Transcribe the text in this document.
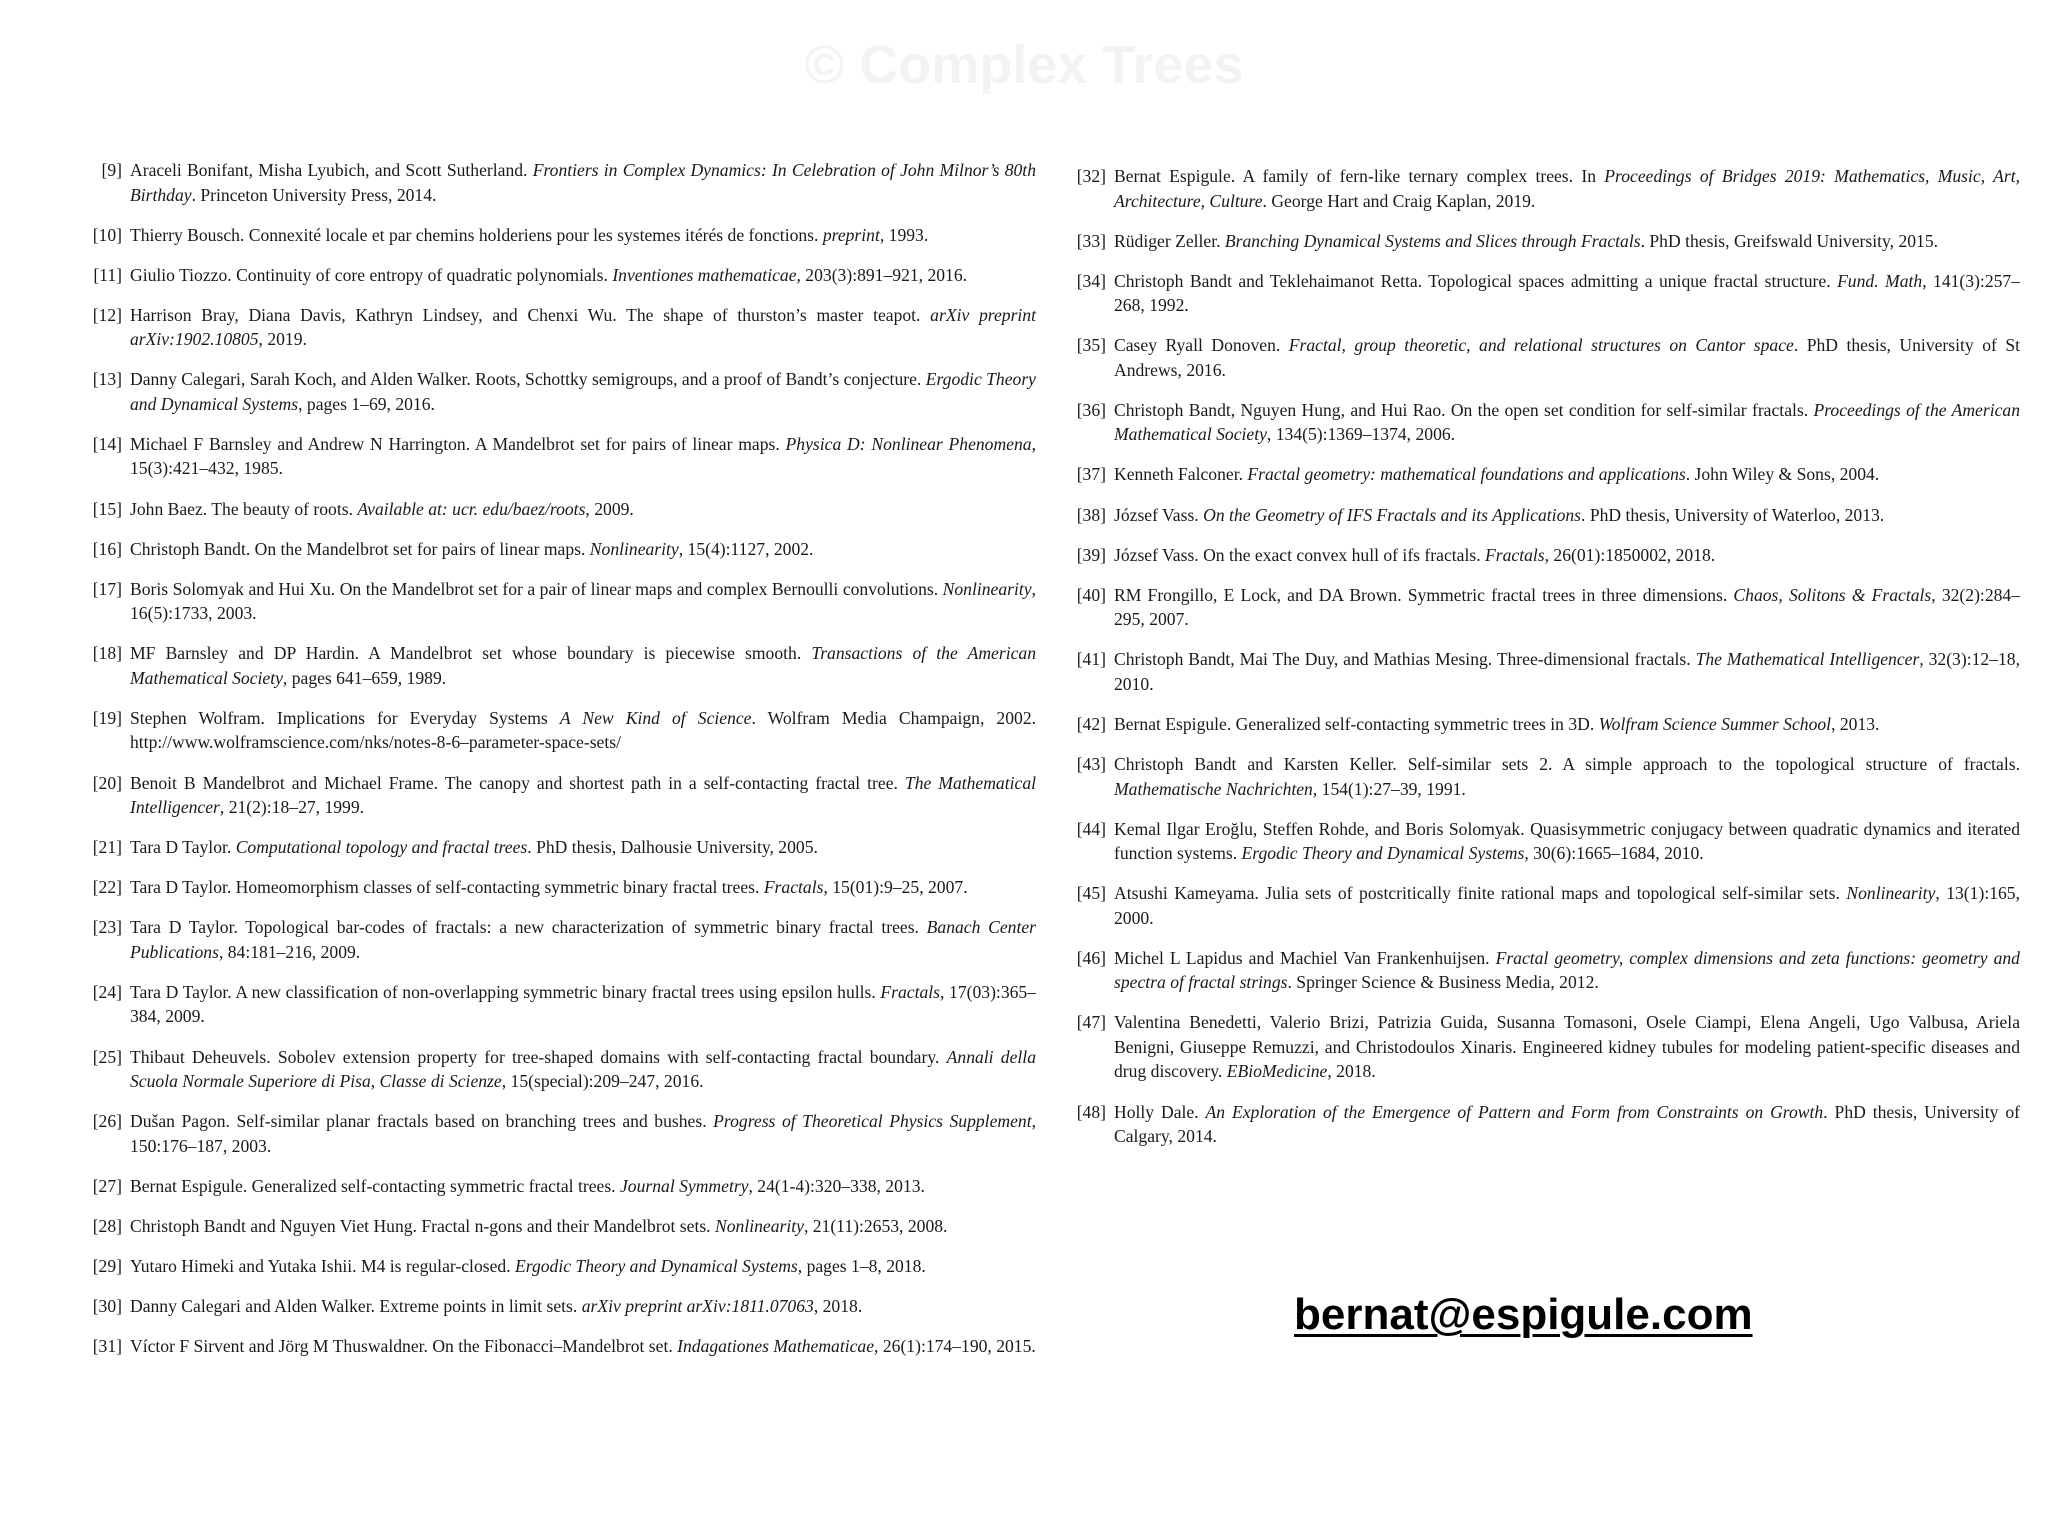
© Complex Trees
[9] Araceli Bonifant, Misha Lyubich, and Scott Sutherland. Frontiers in Complex Dynamics: In Celebration of John Milnor’s 80th Birthday. Princeton University Press, 2014.
[10] Thierry Bousch. Connexité locale et par chemins holderiens pour les systemes itérés de fonctions. preprint, 1993.
[11] Giulio Tiozzo. Continuity of core entropy of quadratic polynomials. Inventiones mathematicae, 203(3):891–921, 2016.
[12] Harrison Bray, Diana Davis, Kathryn Lindsey, and Chenxi Wu. The shape of thurston’s master teapot. arXiv preprint arXiv:1902.10805, 2019.
[13] Danny Calegari, Sarah Koch, and Alden Walker. Roots, Schottky semigroups, and a proof of Bandt’s conjecture. Ergodic Theory and Dynamical Systems, pages 1–69, 2016.
[14] Michael F Barnsley and Andrew N Harrington. A Mandelbrot set for pairs of linear maps. Physica D: Nonlinear Phenomena, 15(3):421–432, 1985.
[15] John Baez. The beauty of roots. Available at: ucr. edu/baez/roots, 2009.
[16] Christoph Bandt. On the Mandelbrot set for pairs of linear maps. Nonlinearity, 15(4):1127, 2002.
[17] Boris Solomyak and Hui Xu. On the Mandelbrot set for a pair of linear maps and complex Bernoulli convolutions. Nonlinearity, 16(5):1733, 2003.
[18] MF Barnsley and DP Hardin. A Mandelbrot set whose boundary is piecewise smooth. Transactions of the American Mathematical Society, pages 641–659, 1989.
[19] Stephen Wolfram. Implications for Everyday Systems A New Kind of Science. Wolfram Media Champaign, 2002. http://www.wolframscience.com/nks/notes-8-6–parameter-space-sets/
[20] Benoit B Mandelbrot and Michael Frame. The canopy and shortest path in a self-contacting fractal tree. The Mathematical Intelligencer, 21(2):18–27, 1999.
[21] Tara D Taylor. Computational topology and fractal trees. PhD thesis, Dalhousie University, 2005.
[22] Tara D Taylor. Homeomorphism classes of self-contacting symmetric binary fractal trees. Fractals, 15(01):9–25, 2007.
[23] Tara D Taylor. Topological bar-codes of fractals: a new characterization of symmetric binary fractal trees. Banach Center Publications, 84:181–216, 2009.
[24] Tara D Taylor. A new classification of non-overlapping symmetric binary fractal trees using epsilon hulls. Fractals, 17(03):365–384, 2009.
[25] Thibaut Deheuvels. Sobolev extension property for tree-shaped domains with self-contacting fractal boundary. Annali della Scuola Normale Superiore di Pisa, Classe di Scienze, 15(special):209–247, 2016.
[26] Dušan Pagon. Self-similar planar fractals based on branching trees and bushes. Progress of Theoretical Physics Supplement, 150:176–187, 2003.
[27] Bernat Espigule. Generalized self-contacting symmetric fractal trees. Journal Symmetry, 24(1-4):320–338, 2013.
[28] Christoph Bandt and Nguyen Viet Hung. Fractal n-gons and their Mandelbrot sets. Nonlinearity, 21(11):2653, 2008.
[29] Yutaro Himeki and Yutaka Ishii. M4 is regular-closed. Ergodic Theory and Dynamical Systems, pages 1–8, 2018.
[30] Danny Calegari and Alden Walker. Extreme points in limit sets. arXiv preprint arXiv:1811.07063, 2018.
[31] Víctor F Sirvent and Jörg M Thuswaldner. On the Fibonacci–Mandelbrot set. Indagationes Mathematicae, 26(1):174–190, 2015.
[32] Bernat Espigule. A family of fern-like ternary complex trees. In Proceedings of Bridges 2019: Mathematics, Music, Art, Architecture, Culture. George Hart and Craig Kaplan, 2019.
[33] Rüdiger Zeller. Branching Dynamical Systems and Slices through Fractals. PhD thesis, Greifswald University, 2015.
[34] Christoph Bandt and Teklehaimanot Retta. Topological spaces admitting a unique fractal structure. Fund. Math, 141(3):257–268, 1992.
[35] Casey Ryall Donoven. Fractal, group theoretic, and relational structures on Cantor space. PhD thesis, University of St Andrews, 2016.
[36] Christoph Bandt, Nguyen Hung, and Hui Rao. On the open set condition for self-similar fractals. Proceedings of the American Mathematical Society, 134(5):1369–1374, 2006.
[37] Kenneth Falconer. Fractal geometry: mathematical foundations and applications. John Wiley & Sons, 2004.
[38] József Vass. On the Geometry of IFS Fractals and its Applications. PhD thesis, University of Waterloo, 2013.
[39] József Vass. On the exact convex hull of ifs fractals. Fractals, 26(01):1850002, 2018.
[40] RM Frongillo, E Lock, and DA Brown. Symmetric fractal trees in three dimensions. Chaos, Solitons & Fractals, 32(2):284–295, 2007.
[41] Christoph Bandt, Mai The Duy, and Mathias Mesing. Three-dimensional fractals. The Mathematical Intelligencer, 32(3):12–18, 2010.
[42] Bernat Espigule. Generalized self-contacting symmetric trees in 3D. Wolfram Science Summer School, 2013.
[43] Christoph Bandt and Karsten Keller. Self-similar sets 2. A simple approach to the topological structure of fractals. Mathematische Nachrichten, 154(1):27–39, 1991.
[44] Kemal Ilgar Eroğlu, Steffen Rohde, and Boris Solomyak. Quasisymmetric conjugacy between quadratic dynamics and iterated function systems. Ergodic Theory and Dynamical Systems, 30(6):1665–1684, 2010.
[45] Atsushi Kameyama. Julia sets of postcritically finite rational maps and topological self-similar sets. Nonlinearity, 13(1):165, 2000.
[46] Michel L Lapidus and Machiel Van Frankenhuijsen. Fractal geometry, complex dimensions and zeta functions: geometry and spectra of fractal strings. Springer Science & Business Media, 2012.
[47] Valentina Benedetti, Valerio Brizi, Patrizia Guida, Susanna Tomasoni, Osele Ciampi, Elena Angeli, Ugo Valbusa, Ariela Benigni, Giuseppe Remuzzi, and Christodoulos Xinaris. Engineered kidney tubules for modeling patient-specific diseases and drug discovery. EBioMedicine, 2018.
[48] Holly Dale. An Exploration of the Emergence of Pattern and Form from Constraints on Growth. PhD thesis, University of Calgary, 2014.
bernat@espigule.com
